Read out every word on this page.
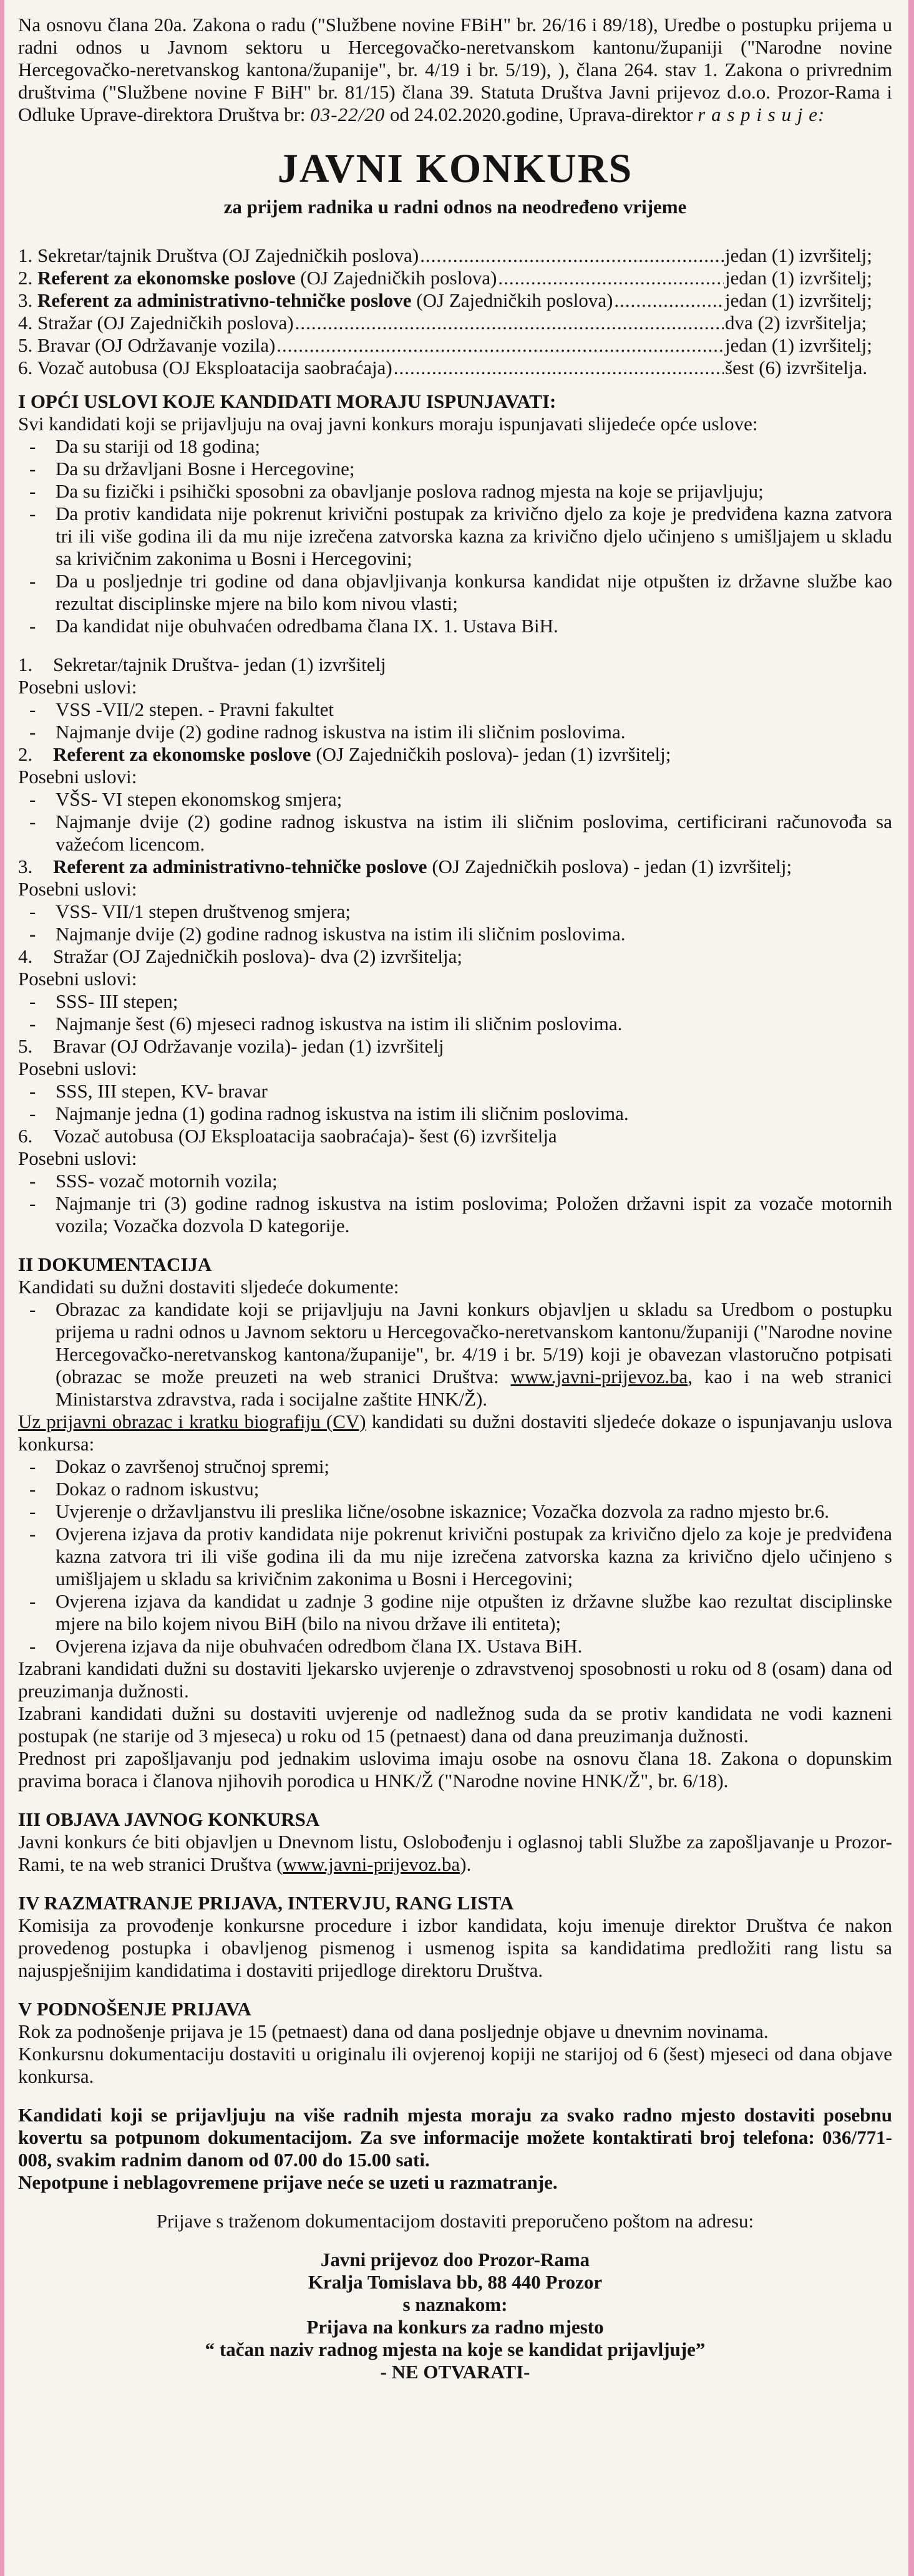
Na osnovu člana 20a. Zakona o radu ("Službene novine FBiH" br. 26/16 i 89/18), Uredbe o postupku prijema u radni odnos u Javnom sektoru u Hercegovačko-neretvanskom kantonu/županiji ("Narodne novine Hercegovačko-neretvanskog kantona/županije", br. 4/19 i br. 5/19), ), člana 264. stav 1. Zakona o privrednim društvima ("Službene novine F BiH" br. 81/15) člana 39. Statuta Društva Javni prijevoz d.o.o. Prozor-Rama i Odluke Uprave-direktora Društva br: 03-22/20 od 24.02.2020.godine, Uprava-direktor r a s p i s u j e:

JAVNI KONKURS

za prijem radnika u radni odnos na neodređeno vrijeme

1. Sekretar/tajnik Društva (OJ Zajedničkih poslova) .....	jedan (1) izvršitelj;
2. Referent za ekonomske poslove (OJ Zajedničkih poslova) .....	jedan (1) izvršitelj;
3. Referent za administrativno-tehničke poslove (OJ Zajedničkih poslova) .....	jedan (1) izvršitelj;
4. Stražar (OJ Zajedničkih poslova) .....	dva (2) izvršitelja;
5. Bravar (OJ Održavanje vozila) .....	jedan (1) izvršitelj;
6. Vozač autobusa (OJ Eksploatacija saobraćaja) .....	šest (6) izvršitelja.

I OPĆI USLOVI KOJE KANDIDATI MORAJU ISPUNJAVATI:

Svi kandidati koji se prijavljuju na ovaj javni konkurs moraju ispunjavati slijedeće opće uslove:

- Da su stariji od 18 godina;
- Da su državljani Bosne i Hercegovine;
- Da su fizički i psihički sposobni za obavljanje poslova radnog mjesta na koje se prijavljuju;
- Da protiv kandidata nije pokrenut krivični postupak za krivično djelo za koje je predviđena kazna zatvora tri ili više godina ili da mu nije izrečena zatvorska kazna za krivično djelo učinjeno s umišljajem u skladu sa krivičnim zakonima u Bosni i Hercegovini;
- Da u posljednje tri godine od dana objavljivanja konkursa kandidat nije otpušten iz državne službe kao rezultat disciplinske mjere na bilo kom nivou vlasti;
- Da kandidat nije obuhvaćen odredbama člana IX. 1. Ustava BiH.

1. Sekretar/tajnik Društva- jedan (1) izvršitelj

Posebni uslovi:

- VSS -VII/2 stepen. - Pravni fakultet
- Najmanje dvije (2) godine radnog iskustva na istim ili sličnim poslovima.

2. Referent za ekonomske poslove (OJ Zajedničkih poslova)- jedan (1) izvršitelj;

Posebni uslovi:

- VŠS- VI stepen ekonomskog smjera;
- Najmanje dvije (2) godine radnog iskustva na istim ili sličnim poslovima, certificirani računovođa sa važećom licencom.

3. Referent za administrativno-tehničke poslove (OJ Zajedničkih poslova) - jedan (1) izvršitelj;

Posebni uslovi:

- VSS- VII/1 stepen društvenog smjera;
- Najmanje dvije (2) godine radnog iskustva na istim ili sličnim poslovima.

4. Stražar (OJ Zajedničkih poslova)- dva (2) izvršitelja;

Posebni uslovi:

- SSS- III stepen;
- Najmanje šest (6) mjeseci radnog iskustva na istim ili sličnim poslovima.

5. Bravar (OJ Održavanje vozila)- jedan (1) izvršitelj

Posebni uslovi:

- SSS, III stepen, KV- bravar
- Najmanje jedna (1) godina radnog iskustva na istim ili sličnim poslovima.

6. Vozač autobusa (OJ Eksploatacija saobraćaja)- šest (6) izvršitelja

Posebni uslovi:

- SSS- vozač motornih vozila;
- Najmanje tri (3) godine radnog iskustva na istim poslovima; Položen državni ispit za vozače motornih vozila; Vozačka dozvola D kategorije.

II DOKUMENTACIJA

Kandidati su dužni dostaviti sljedeće dokumente:

- Obrazac za kandidate koji se prijavljuju na Javni konkurs objavljen u skladu sa Uredbom o postupku prijema u radni odnos u Javnom sektoru u Hercegovačko-neretvanskom kantonu/županiji ("Narodne novine Hercegovačko-neretvanskog kantona/županije", br. 4/19 i br. 5/19) koji je obavezan vlastoručno potpisati (obrazac se može preuzeti na web stranici Društva: www.javni-prijevoz.ba, kao i na web stranici Ministarstva zdravstva, rada i socijalne zaštite HNK/Ž).

Uz prijavni obrazac i kratku biografiju (CV) kandidati su dužni dostaviti sljedeće dokaze o ispunjavanju uslova konkursa:

- Dokaz o završenoj stručnoj spremi;
- Dokaz o radnom iskustvu;
- Uvjerenje o državljanstvu ili preslika lične/osobne iskaznice; Vozačka dozvola za radno mjesto br.6.
- Ovjerena izjava da protiv kandidata nije pokrenut krivični postupak za krivično djelo za koje je predviđena kazna zatvora tri ili više godina ili da mu nije izrečena zatvorska kazna za krivično djelo učinjeno s umišljajem u skladu sa krivičnim zakonima u Bosni i Hercegovini;
- Ovjerena izjava da kandidat u zadnje 3 godine nije otpušten iz državne službe kao rezultat disciplinske mjere na bilo kojem nivou BiH (bilo na nivou države ili entiteta);
- Ovjerena izjava da nije obuhvaćen odredbom člana IX. Ustava BiH.

Izabrani kandidati dužni su dostaviti ljekarsko uvjerenje o zdravstvenoj sposobnosti u roku od 8 (osam) dana od preuzimanja dužnosti.

Izabrani kandidati dužni su dostaviti uvjerenje od nadležnog suda da se protiv kandidata ne vodi kazneni postupak (ne starije od 3 mjeseca) u roku od 15 (petnaest) dana od dana preuzimanja dužnosti.

Prednost pri zapošljavanju pod jednakim uslovima imaju osobe na osnovu člana 18. Zakona o dopunskim pravima boraca i članova njihovih porodica u HNK/Ž ("Narodne novine HNK/Ž", br. 6/18).

III OBJAVA JAVNOG KONKURSA

Javni konkurs će biti objavljen u Dnevnom listu, Oslobođenju i oglasnoj tabli Službe za zapošljavanje u Prozor-Rami, te na web stranici Društva (www.javni-prijevoz.ba).

IV RAZMATRANJE PRIJAVA, INTERVJU, RANG LISTA

Komisija za provođenje konkursne procedure i izbor kandidata, koju imenuje direktor Društva će nakon provedenog postupka i obavljenog pismenog i usmenog ispita sa kandidatima predložiti rang listu sa najuspješnijim kandidatima i dostaviti prijedloge direktoru Društva.

V PODNOŠENJE PRIJAVA

Rok za podnošenje prijava je 15 (petnaest) dana od dana posljednje objave u dnevnim novinama.

Konkursnu dokumentaciju dostaviti u originalu ili ovjerenoj kopiji ne starijoj od 6 (šest) mjeseci od dana objave konkursa.

Kandidati koji se prijavljuju na više radnih mjesta moraju za svako radno mjesto dostaviti posebnu kovertu sa potpunom dokumentacijom. Za sve informacije možete kontaktirati broj telefona: 036/771-008, svakim radnim danom od 07.00 do 15.00 sati.

Nepotpune i neblagovremene prijave neće se uzeti u razmatranje.

Prijave s traženom dokumentacijom dostaviti preporučeno poštom na adresu:

Javni prijevoz doo Prozor-Rama

Kralja Tomislava bb, 88 440 Prozor

s naznakom:

Prijava na konkurs za radno mjesto

“ tačan naziv radnog mjesta na koje se kandidat prijavljuje”

- NE OTVARATI-
